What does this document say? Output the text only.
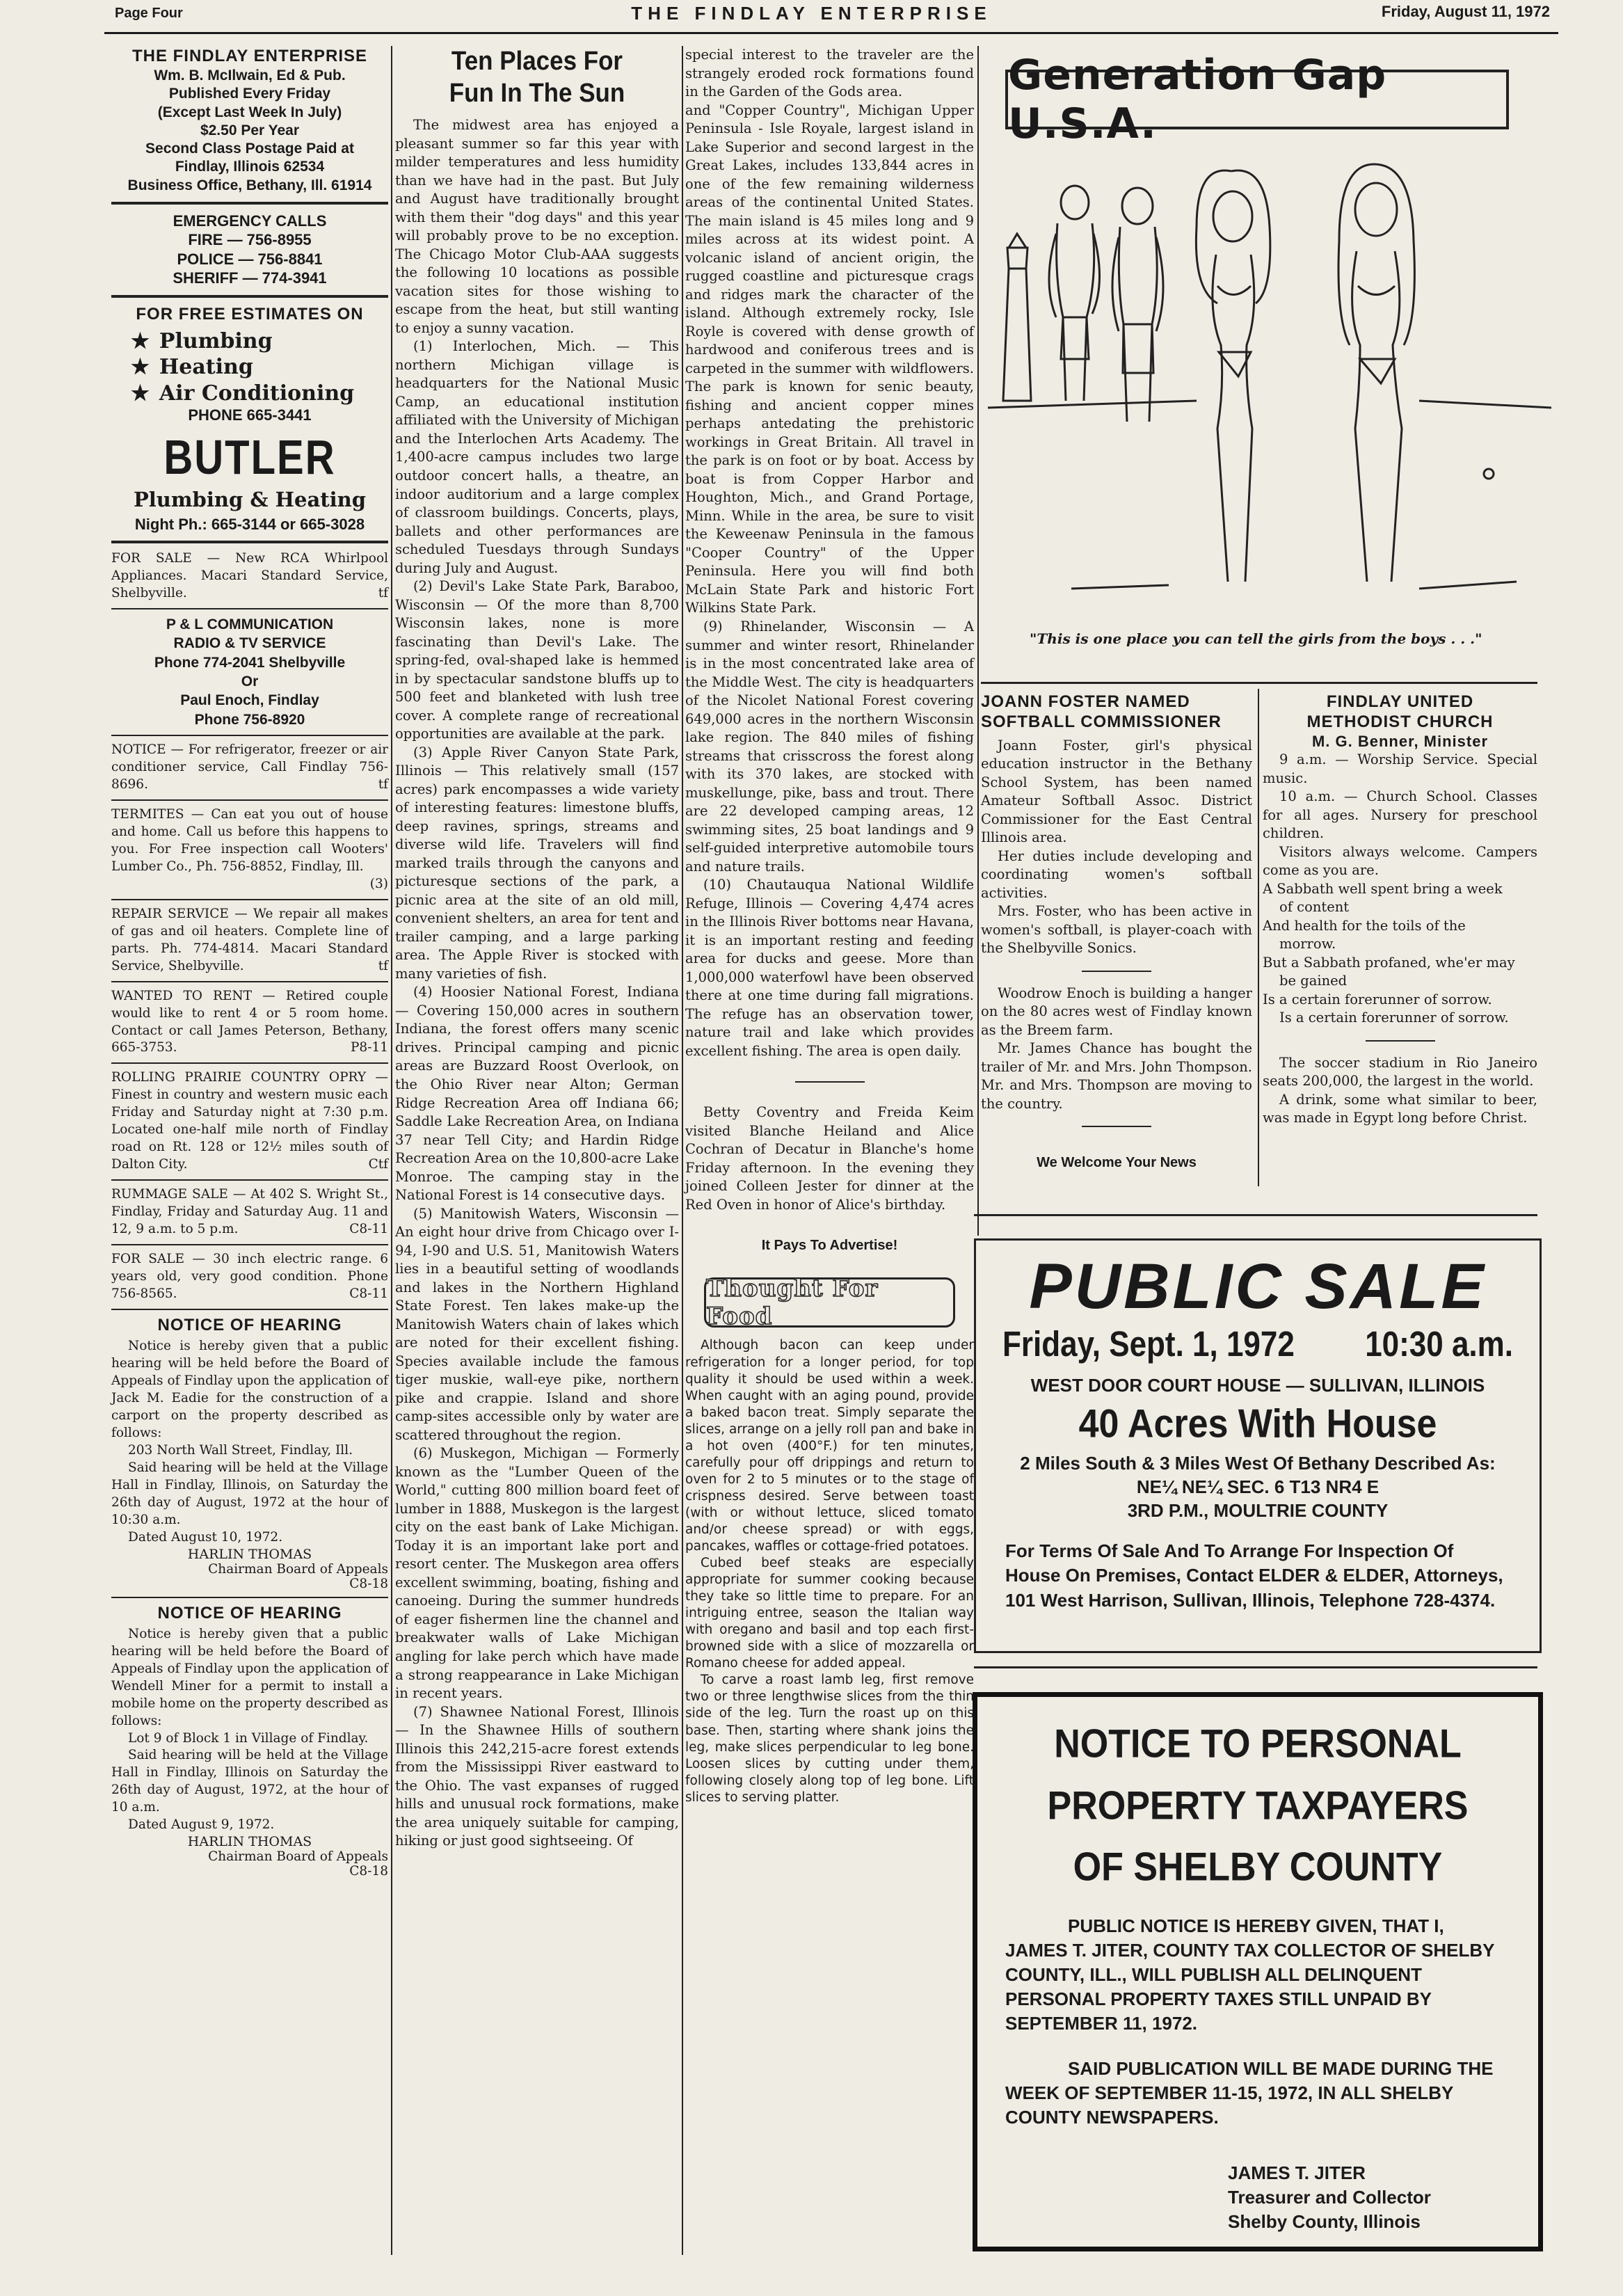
Page Four	THE FINDLAY ENTERPRISE	Friday, August 11, 1972
THE FINDLAY ENTERPRISE
Wm. B. McIlwain, Ed & Pub.
Published Every Friday
(Except Last Week In July)
$2.50 Per Year
Second Class Postage Paid at
Findlay, Illinois 62534
Business Office, Bethany, Ill. 61914
EMERGENCY CALLS
FIRE — 756-8955
POLICE — 756-8841
SHERIFF — 774-3941
FOR FREE ESTIMATES ON
★ Plumbing
★ Heating
★ Air Conditioning
PHONE 665-3441
BUTLER
Plumbing & Heating
Night Ph.: 665-3144 or 665-3028
FOR SALE — New RCA Whirlpool Appliances. Macari Standard Service, Shelbyville.	tf
P & L COMMUNICATION
RADIO & TV SERVICE
Phone 774-2041 Shelbyville
Or
Paul Enoch, Findlay
Phone 756-8920
NOTICE — For refrigerator, freezer or air conditioner service, Call Findlay 756-8696.	tf
TERMITES — Can eat you out of house and home. Call us before this happens to you. For Free inspection call Wooters' Lumber Co., Ph. 756-8852, Findlay, Ill.
(3)
REPAIR SERVICE — We repair all makes of gas and oil heaters. Complete line of parts. Ph. 774-4814. Macari Standard Service, Shelbyville.	tf
WANTED TO RENT — Retired couple would like to rent 4 or 5 room home. Contact or call James Peterson, Bethany, 665-3753.	P8-11
ROLLING PRAIRIE COUNTRY OPRY — Finest in country and western music each Friday and Saturday night at 7:30 p.m. Located one-half mile north of Findlay road on Rt. 128 or 12½ miles south of Dalton City.	Ctf
RUMMAGE SALE — At 402 S. Wright St., Findlay, Friday and Saturday Aug. 11 and 12, 9 a.m. to 5 p.m.	C8-11
FOR SALE — 30 inch electric range. 6 years old, very good condition. Phone 756-8565.	C8-11
NOTICE OF HEARING

Notice is hereby given that a public hearing will be held before the Board of Appeals of Findlay upon the application of Jack M. Eadie for the construction of a carport on the property described as follows:

203 North Wall Street, Findlay, Ill.

Said hearing will be held at the Village Hall in Findlay, Illinois, on Saturday the 26th day of August, 1972 at the hour of 10:30 a.m.

Dated August 10, 1972.

HARLIN THOMAS
Chairman Board of Appeals
C8-18
NOTICE OF HEARING

Notice is hereby given that a public hearing will be held before the Board of Appeals of Findlay upon the application of Wendell Miner for a permit to install a mobile home on the property described as follows:

Lot 9 of Block 1 in Village of Findlay.

Said hearing will be held at the Village Hall in Findlay, Illinois on Saturday the 26th day of August, 1972, at the hour of 10 a.m.

Dated August 9, 1972.

HARLIN THOMAS
Chairman Board of Appeals
C8-18
Ten Places For
Fun In The Sun

The midwest area has enjoyed a pleasant summer so far this year with milder temperatures and less humidity than we have had in the past. But July and August have traditionally brought with them their "dog days" and this year will probably prove to be no exception. The Chicago Motor Club-AAA suggests the following 10 locations as possible vacation sites for those wishing to escape from the heat, but still wanting to enjoy a sunny vacation.

(1) Interlochen, Mich. — This northern Michigan village is headquarters for the National Music Camp, an educational institution affiliated with the University of Michigan and the Interlochen Arts Academy. The 1,400-acre campus includes two large outdoor concert halls, a theatre, an indoor auditorium and a large complex of classroom buildings. Concerts, plays, ballets and other performances are scheduled Tuesdays through Sundays during July and August.

(2) Devil's Lake State Park, Baraboo, Wisconsin — Of the more than 8,700 Wisconsin lakes, none is more fascinating than Devil's Lake. The spring-fed, oval-shaped lake is hemmed in by spectacular sandstone bluffs up to 500 feet and blanketed with lush tree cover. A complete range of recreational opportunities are available at the park.

(3) Apple River Canyon State Park, Illinois — This relatively small (157 acres) park encompasses a wide variety of interesting features: limestone bluffs, deep ravines, springs, streams and diverse wild life. Travelers will find marked trails through the canyons and picturesque sections of the park, a picnic area at the site of an old mill, convenient shelters, an area for tent and trailer camping, and a large parking area. The Apple River is stocked with many varieties of fish.

(4) Hoosier National Forest, Indiana — Covering 150,000 acres in southern Indiana, the forest offers many scenic drives. Principal camping and picnic areas are Buzzard Roost Overlook, on the Ohio River near Alton; German Ridge Recreation Area off Indiana 66; Saddle Lake Recreation Area, on Indiana 37 near Tell City; and Hardin Ridge Recreation Area on the 10,800-acre Lake Monroe. The camping stay in the National Forest is 14 consecutive days.

(5) Manitowish Waters, Wisconsin — An eight hour drive from Chicago over I-94, I-90 and U.S. 51, Manitowish Waters lies in a beautiful setting of woodlands and lakes in the Northern Highland State Forest. Ten lakes make-up the Manitowish Waters chain of lakes which are noted for their excellent fishing. Species available include the famous tiger muskie, wall-eye pike, northern pike and crappie. Island and shore camp-sites accessible only by water are scattered throughout the region.

(6) Muskegon, Michigan — Formerly known as the "Lumber Queen of the World," cutting 800 million board feet of lumber in 1888, Muskegon is the largest city on the east bank of Lake Michigan. Today it is an important lake port and resort center. The Muskegon area offers excellent swimming, boating, fishing and canoeing. During the summer hundreds of eager fishermen line the channel and breakwater walls of Lake Michigan angling for lake perch which have made a strong reappearance in Lake Michigan in recent years.

(7) Shawnee National Forest, Illinois — In the Shawnee Hills of southern Illinois this 242,215-acre forest extends from the Mississippi River eastward to the Ohio. The vast expanses of rugged hills and unusual rock formations, make the area uniquely suitable for camping, hiking or just good sightseeing. Of

special interest to the traveler are the strangely eroded rock formations found in the Garden of the Gods area.

and "Copper Country", Michigan Upper Peninsula - Isle Royale, largest island in Lake Superior and second largest in the Great Lakes, includes 133,844 acres in one of the few remaining wilderness areas of the continental United States. The main island is 45 miles long and 9 miles across at its widest point. A volcanic island of ancient origin, the rugged coastline and picturesque crags and ridges mark the character of the island. Although extremely rocky, Isle Royle is covered with dense growth of hardwood and coniferous trees and is carpeted in the summer with wildflowers. The park is known for senic beauty, fishing and ancient copper mines perhaps antedating the prehistoric workings in Great Britain. All travel in the park is on foot or by boat. Access by boat is from Copper Harbor and Houghton, Mich., and Grand Portage, Minn. While in the area, be sure to visit the Keweenaw Peninsula in the famous "Cooper Country" of the Upper Peninsula. Here you will find both McLain State Park and historic Fort Wilkins State Park.

(9) Rhinelander, Wisconsin — A summer and winter resort, Rhinelander is in the most concentrated lake area of the Middle West. The city is headquarters of the Nicolet National Forest covering 649,000 acres in the northern Wisconsin lake region. The 840 miles of fishing streams that crisscross the forest along with its 370 lakes, are stocked with muskellunge, pike, bass and trout. There are 22 developed camping areas, 12 swimming sites, 25 boat landings and 9 self-guided interpretive automobile tours and nature trails.

(10) Chautauqua National Wildlife Refuge, Illinois — Covering 4,474 acres in the Illinois River bottoms near Havana, it is an important resting and feeding area for ducks and geese. More than 1,000,000 waterfowl have been observed there at one time during fall migrations. The refuge has an observation tower, nature trail and lake which provides excellent fishing. The area is open daily.

Betty Coventry and Freida Keim visited Blanche Heiland and Alice Cochran of Decatur in Blanche's home Friday afternoon. In the evening they joined Colleen Jester for dinner at the Red Oven in honor of Alice's birthday.

It Pays To Advertise!
Thought For Food

Although bacon can keep under refrigeration for a longer period, for top quality it should be used within a week. When caught with an aging pound, provide a baked bacon treat. Simply separate the slices, arrange on a jelly roll pan and bake in a hot oven (400°F.) for ten minutes, carefully pour off drippings and return to oven for 2 to 5 minutes or to the stage of crispness desired. Serve between toast (with or without lettuce, sliced tomato and/or cheese spread) or with eggs, pancakes, waffles or cottage-fried potatoes.

Cubed beef steaks are especially appropriate for summer cooking because they take so little time to prepare. For an intriguing entree, season the Italian way with oregano and basil and top each first-browned side with a slice of mozzarella or Romano cheese for added appeal.

To carve a roast lamb leg, first remove two or three lengthwise slices from the thin side of the leg. Turn the roast up on this base. Then, starting where shank joins the leg, make slices perpendicular to leg bone. Loosen slices by cutting under them, following closely along top of leg bone. Lift slices to serving platter.

Generation Gap U.S.A.
"This is one place you can tell the girls from the boys . . ."

JOANN FOSTER NAMED

SOFTBALL COMMISSIONER

Joann Foster, girl's physical education instructor in the Bethany School System, has been named Amateur Softball Assoc. District Commissioner for the East Central Illinois area.

Her duties include developing and coordinating women's softball activities.

Mrs. Foster, who has been active in women's softball, is player-coach with the Shelbyville Sonics.

Woodrow Enoch is building a hanger on the 80 acres west of Findlay known as the Breem farm.

Mr. James Chance has bought the trailer of Mr. and Mrs. John Thompson. Mr. and Mrs. Thompson are moving to the country.

We Welcome Your News

FINDLAY UNITED

METHODIST CHURCH

M. G. Benner, Minister

9 a.m. — Worship Service. Special music.

10 a.m. — Church School. Classes for all ages. Nursery for preschool children.

Visitors always welcome. Campers come as you are.

A Sabbath well spent bring a week

of content

And health for the toils of the

morrow.

But a Sabbath profaned, whe'er may

be gained

Is a certain forerunner of sorrow.

Is a certain forerunner of sorrow.

The soccer stadium in Rio Janeiro seats 200,000, the largest in the world.

A drink, some what similar to beer, was made in Egypt long before Christ.

PUBLIC SALE
Friday, Sept. 1, 1972 10:30 a.m.
WEST DOOR COURT HOUSE — SULLIVAN, ILLINOIS
40 Acres With House
2 Miles South & 3 Miles West Of Bethany Described As:
NE¼ NE¼ SEC. 6 T13 NR4 E
3RD P.M., MOULTRIE COUNTY
For Terms Of Sale And To Arrange For Inspection Of House On Premises, Contact ELDER & ELDER, Attorneys, 101 West Harrison, Sullivan, Illinois, Telephone 728-4374.
NOTICE TO PERSONAL
PROPERTY TAXPAYERS
OF SHELBY COUNTY
PUBLIC NOTICE IS HEREBY GIVEN, THAT I, JAMES T. JITER, COUNTY TAX COLLECTOR OF SHELBY COUNTY, ILL., WILL PUBLISH ALL DELINQUENT PERSONAL PROPERTY TAXES STILL UNPAID BY SEPTEMBER 11, 1972.
SAID PUBLICATION WILL BE MADE DURING THE WEEK OF SEPTEMBER 11-15, 1972, IN ALL SHELBY COUNTY NEWSPAPERS.
JAMES T. JITER
Treasurer and Collector
Shelby County, Illinois
